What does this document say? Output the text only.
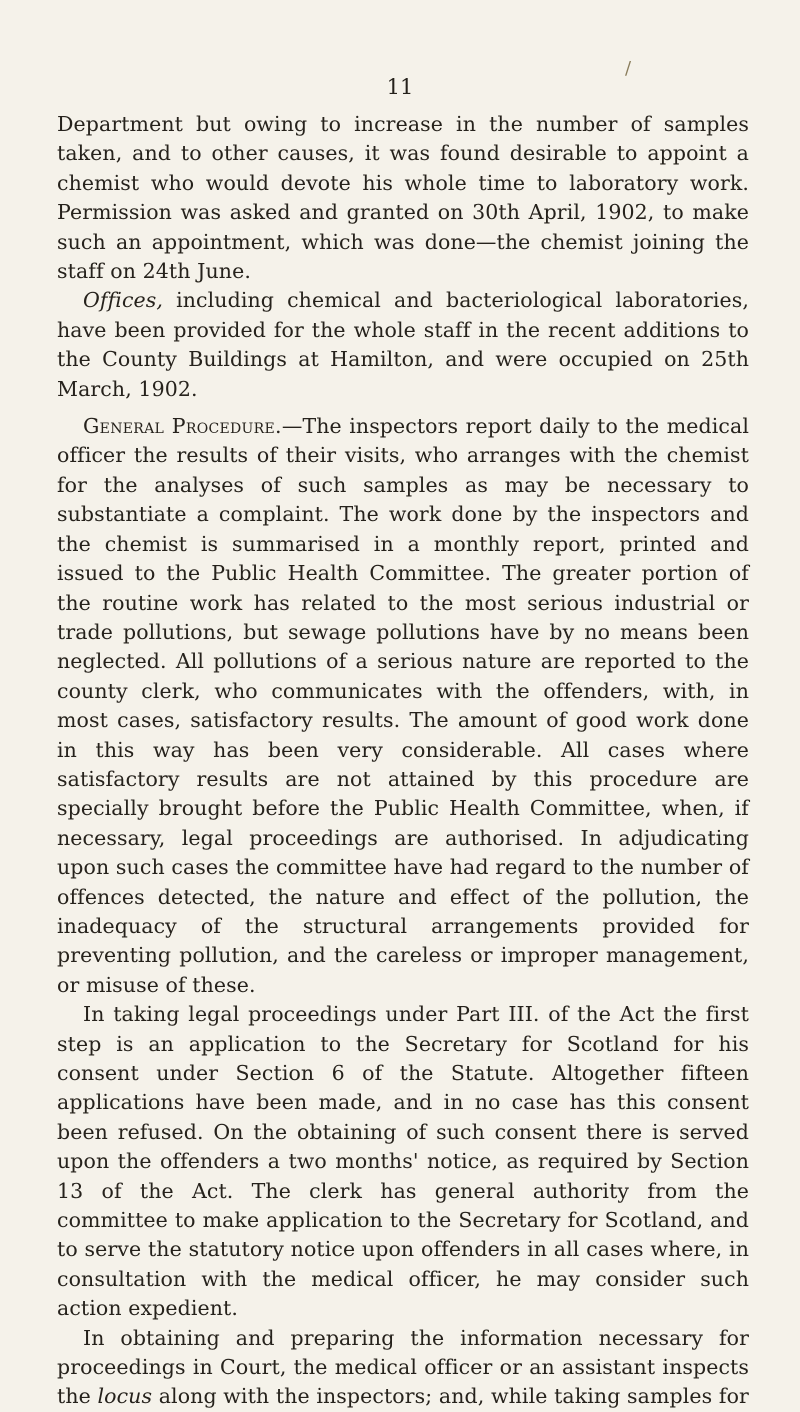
/
11

Department but owing to increase in the number of samples taken, and to other causes, it was found desirable to appoint a chemist who would devote his whole time to laboratory work. Permission was asked and granted on 30th April, 1902, to make such an appointment, which was done—the chemist joining the staff on 24th June.

Offices, including chemical and bacteriological laboratories, have been provided for the whole staff in the recent additions to the County Buildings at Hamilton, and were occupied on 25th March, 1902.

General Procedure.—The inspectors report daily to the medical officer the results of their visits, who arranges with the chemist for the analyses of such samples as may be necessary to substantiate a complaint. The work done by the inspectors and the chemist is summarised in a monthly report, printed and issued to the Public Health Committee. The greater portion of the routine work has related to the most serious industrial or trade pollutions, but sewage pollutions have by no means been neglected. All pollutions of a serious nature are reported to the county clerk, who communicates with the offenders, with, in most cases, satisfactory results. The amount of good work done in this way has been very considerable. All cases where satisfactory results are not attained by this procedure are specially brought before the Public Health Committee, when, if necessary, legal proceedings are authorised. In adjudicating upon such cases the committee have had regard to the number of offences detected, the nature and effect of the pollution, the inadequacy of the structural arrangements provided for preventing pollution, and the careless or improper management, or misuse of these.

In taking legal proceedings under Part III. of the Act the first step is an application to the Secretary for Scotland for his consent under Section 6 of the Statute. Altogether fifteen applications have been made, and in no case has this consent been refused. On the obtaining of such consent there is served upon the offenders a two months' notice, as required by Section 13 of the Act. The clerk has general authority from the committee to make application to the Secretary for Scotland, and to serve the statutory notice upon offenders in all cases where, in consultation with the medical officer, he may consider such action expedient.

In obtaining and preparing the information necessary for proceedings in Court, the medical officer or an assistant inspects the locus along with the inspectors; and, while taking samples for
